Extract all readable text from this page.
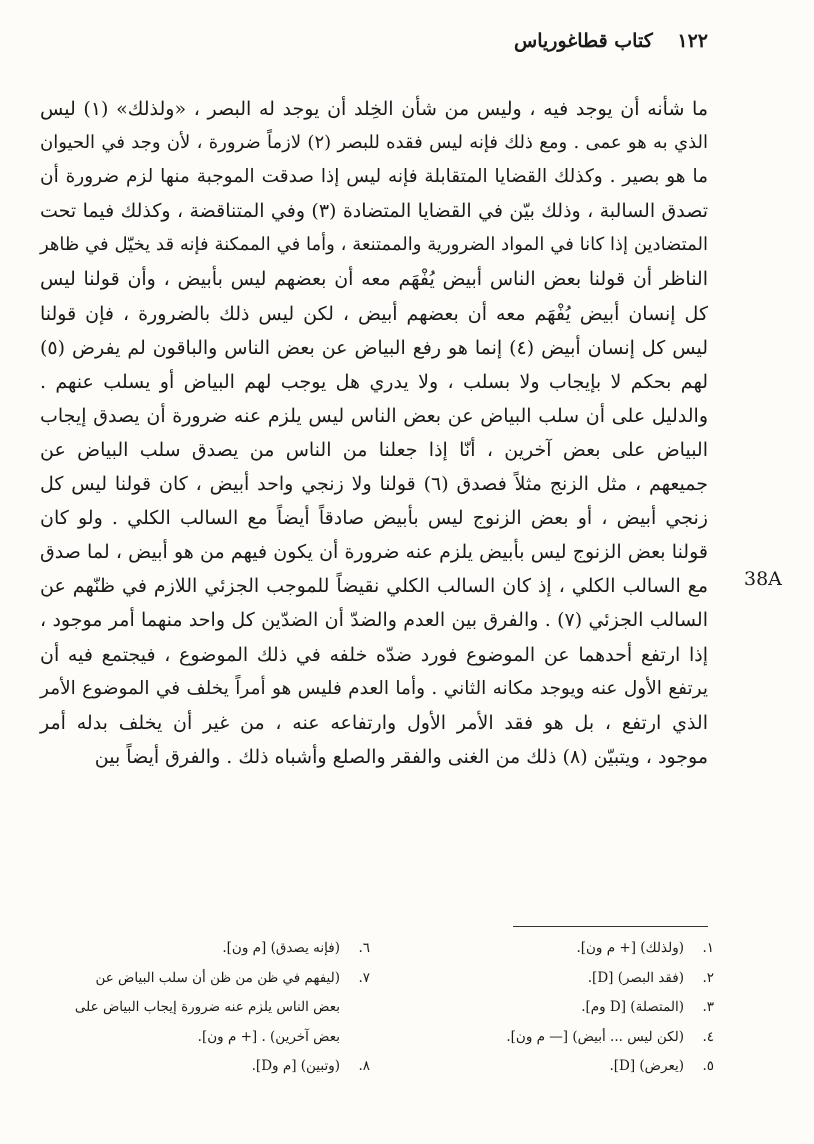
١٢٢ كتاب قطاغورياس
ما شأنه أن يوجد فيه ، وليس من شأن الخِلد أن يوجد له البصر ، «ولذلك» (١) ليس
الذي به هو عمى . ومع ذلك فإنه ليس فقده للبصر (٢) لازماً ضرورة ، لأن وجد في الحيوان
ما هو بصير . وكذلك القضايا المتقابلة فإنه ليس إذا صدقت الموجبة منها لزم ضرورة أن
تصدق السالبة ، وذلك بيّن في القضايا المتضادة (٣) وفي المتناقضة ، وكذلك فيما تحت
المتضادين إذا كانا في المواد الضرورية والممتنعة ، وأما في الممكنة فإنه قد يخيّل في ظاهر
الناظر أن قولنا بعض الناس أبيض يُفْهَم معه أن بعضهم ليس بأبيض ، وأن قولنا ليس
كل إنسان أبيض يُفْهَم معه أن بعضهم أبيض ، لكن ليس ذلك بالضرورة ، فإن قولنا
ليس كل إنسان أبيض (٤) إنما هو رفع البياض عن بعض الناس والباقون لم يفرض (٥)
لهم بحكم لا بإيجاب ولا بسلب ، ولا يدري هل يوجب لهم البياض أو يسلب عنهم .
والدليل على أن سلب البياض عن بعض الناس ليس يلزم عنه ضرورة أن يصدق إيجاب
البياض على بعض آخرين ، أنّا إذا جعلنا من الناس من يصدق سلب البياض عن
جميعهم ، مثل الزنج مثلاً فصدق (٦) قولنا ولا زنجي واحد أبيض ، كان قولنا ليس كل
زنجي أبيض ، أو بعض الزنوج ليس بأبيض صادقاً أيضاً مع السالب الكلي . ولو كان
قولنا بعض الزنوج ليس بأبيض يلزم عنه ضرورة أن يكون فيهم من هو أبيض ، لما صدق
مع السالب الكلي ، إذ كان السالب الكلي نقيضاً للموجب الجزئي اللازم في ظنّهم عن
السالب الجزئي (٧) . والفرق بين العدم والضدّ أن الضدّين كل واحد منهما أمر موجود ،
إذا ارتفع أحدهما عن الموضوع فورد ضدّه خلفه في ذلك الموضوع ، فيجتمع فيه أن
يرتفع الأول عنه ويوجد مكانه الثاني . وأما العدم فليس هو أمراً يخلف في الموضوع الأمر
الذي ارتفع ، بل هو فقد الأمر الأول وارتفاعه عنه ، من غير أن يخلف بدله أمر
موجود ، ويتبيّن (٨) ذلك من الغنى والفقر والصلع وأشباه ذلك . والفرق أيضاً بين
38A
١.
(ولذلك) [+ م ون].
٢.
(فقد البصر) [D].
٣.
(المتصلة) [D وم].
٤.
(لكن ليس ... أبيض) [— م ون].
٥.
(يعرض) [D].
٦.
(فإنه يصدق) [م ون].
٧.
(ليفهم في ظن من ظن أن سلب البياض عن
بعض الناس يلزم عنه ضرورة إيجاب البياض على
بعض آخرين) . [+ م ون].
٨.
(وتبين) [م وD].
